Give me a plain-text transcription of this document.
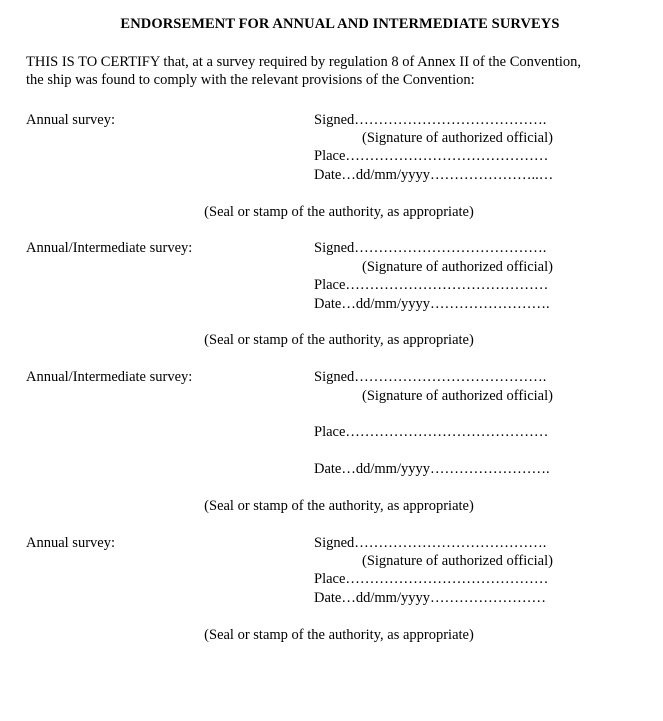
ENDORSEMENT FOR ANNUAL AND INTERMEDIATE SURVEYS
THIS IS TO CERTIFY that, at a survey required by regulation 8 of Annex II of the Convention,
the ship was found to comply with the relevant provisions of the Convention:
Annual survey:	Signed………………………………….
(Signature of authorized official)
Place……………………………………
Date…dd/mm/yyyy…………………..…
(Seal or stamp of the authority, as appropriate)
Annual/Intermediate survey:	Signed………………………………….
(Signature of authorized official)
Place……………………………………
Date…dd/mm/yyyy…………………….
(Seal or stamp of the authority, as appropriate)
Annual/Intermediate survey:	Signed………………………………….
(Signature of authorized official)
Place……………………………………
Date…dd/mm/yyyy…………………….
(Seal or stamp of the authority, as appropriate)
Annual survey:	Signed………………………………….
(Signature of authorized official)
Place……………………………………
Date…dd/mm/yyyy……………………
(Seal or stamp of the authority, as appropriate)
